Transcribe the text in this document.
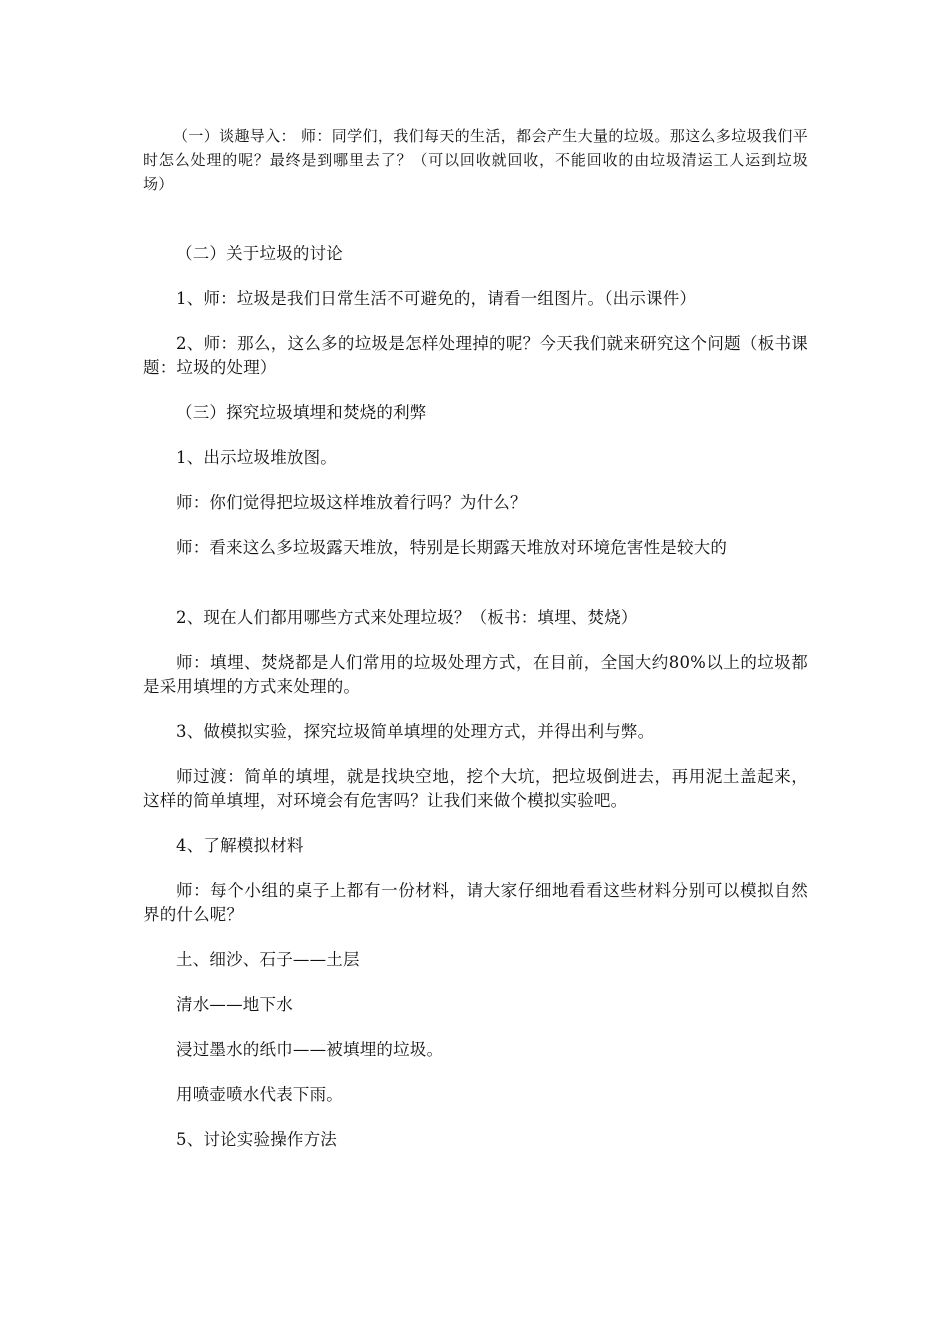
（一）谈趣导入： 师：同学们，我们每天的生活，都会产生大量的垃圾。那这么多垃圾我们平时怎么处理的呢？最终是到哪里去了？（可以回收就回收，不能回收的由垃圾清运工人运到垃圾场）

（二）关于垃圾的讨论

1、师：垃圾是我们日常生活不可避免的，请看一组图片。（出示课件）

2、师：那么，这么多的垃圾是怎样处理掉的呢？今天我们就来研究这个问题（板书课题：垃圾的处理）

（三）探究垃圾填埋和焚烧的利弊

1、出示垃圾堆放图。

师：你们觉得把垃圾这样堆放着行吗？为什么？

师：看来这么多垃圾露天堆放，特别是长期露天堆放对环境危害性是较大的

2、现在人们都用哪些方式来处理垃圾？（板书：填埋、焚烧）

师：填埋、焚烧都是人们常用的垃圾处理方式，在目前，全国大约80%以上的垃圾都是采用填埋的方式来处理的。

3、做模拟实验，探究垃圾简单填埋的处理方式，并得出利与弊。

师过渡：简单的填埋，就是找块空地，挖个大坑，把垃圾倒进去，再用泥土盖起来，这样的简单填埋，对环境会有危害吗？让我们来做个模拟实验吧。

4、了解模拟材料

师：每个小组的桌子上都有一份材料，请大家仔细地看看这些材料分别可以模拟自然界的什么呢？

土、细沙、石子——土层

清水——地下水

浸过墨水的纸巾——被填埋的垃圾。

用喷壶喷水代表下雨。

5、讨论实验操作方法
